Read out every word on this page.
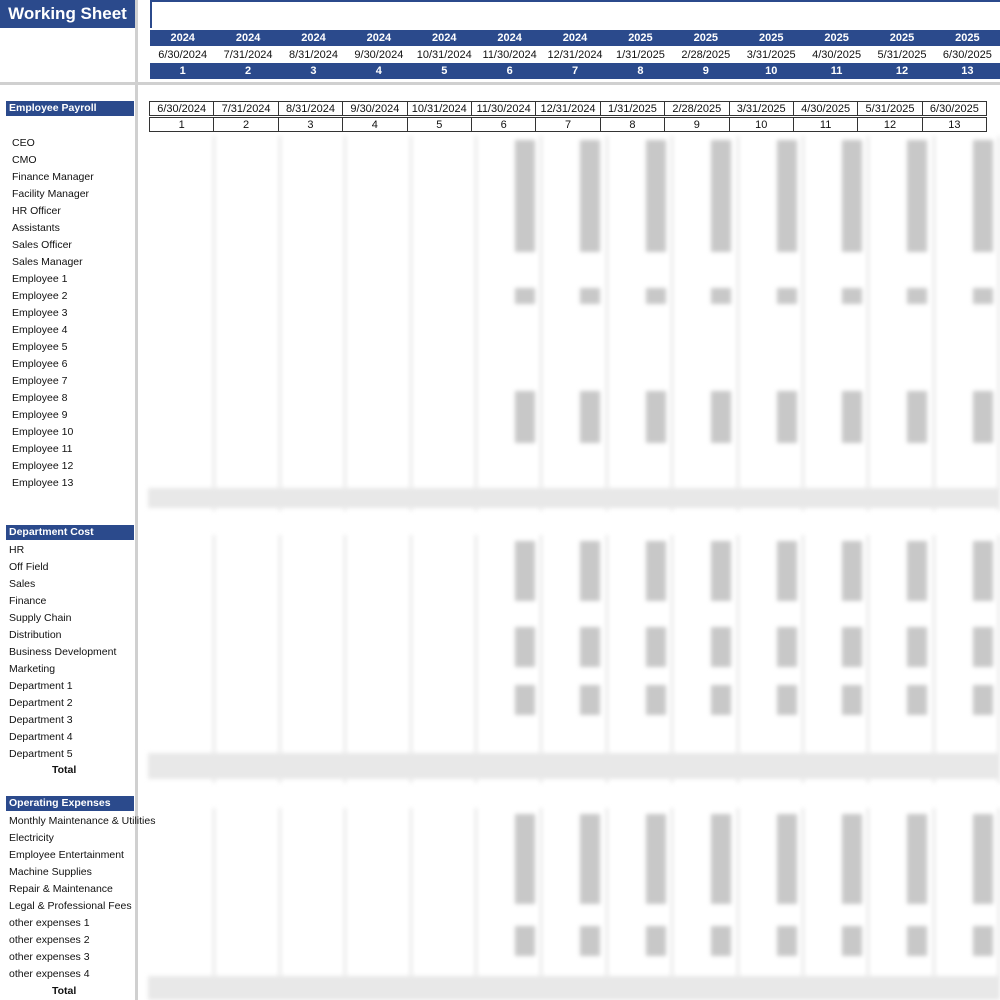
Working Sheet
2024	2024	2024	2024	2024	2024	2024	2025	2025	2025	2025	2025	2025
6/30/2024	7/31/2024	8/31/2024	9/30/2024	10/31/2024 11/30/2024 12/31/2024	1/31/2025	2/28/2025	3/31/2025	4/30/2025	5/31/2025	6/30/2025
1	2	3	4	5	6	7	8	9	10	11	12	13
Employee Payroll	6/30/2024	7/31/2024	8/31/2024	9/30/2024	10/31/2024 11/30/2024 12/31/2024	1/31/2025	2/28/2025	3/31/2025	4/30/2025	5/31/2025	6/30/2025
1	2	3	4	5	6	7	8	9	10	11	12	13
CEO
CMO
Finance Manager
Facility Manager
HR Officer
Assistants
Sales Officer
Sales Manager
Employee 1
Employee 2
Employee 3
Employee 4
Employee 5
Employee 6
Employee 7
Employee 8
Employee 9
Employee 10
Employee 11
Employee 12
Employee 13
Department Cost
HR
Off Field
Sales
Finance
Supply Chain
Distribution
Business Development
Marketing
Department 1
Department 2
Department 3
Department 4
Department 5
Total
Operating Expenses
Monthly Maintenance & Utilities
Electricity
Employee Entertainment
Machine Supplies
Repair & Maintenance
Legal & Professional Fees
other expenses 1
other expenses 2
other expenses 3
other expenses 4
Total
